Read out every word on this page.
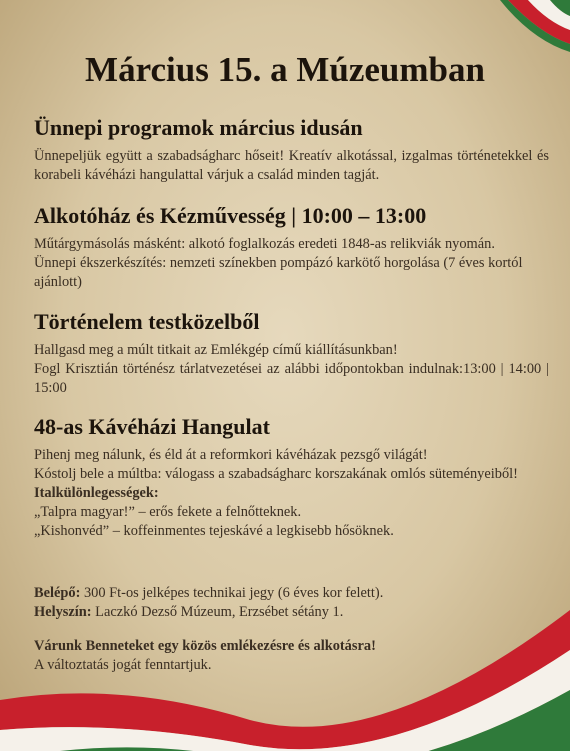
Március 15. a Múzeumban
Ünnepi programok március idusán

Ünnepeljük együtt a szabadságharc hőseit! Kreatív alkotással, izgalmas történetekkel és korabeli kávéházi hangulattal várjuk a család minden tagját.

Alkotóház és Kézművesség | 10:00 – 13:00

Műtárgymásolás másként: alkotó foglalkozás eredeti 1848-as relikviák nyomán.

Ünnepi ékszerkészítés: nemzeti színekben pompázó karkötő horgolása (7 éves kortól ajánlott)

Történelem testközelből

Hallgasd meg a múlt titkait az Emlékgép című kiállításunkban!

Fogl Krisztián történész tárlatvezetései az alábbi időpontokban indulnak:13:00 | 14:00 | 15:00

48-as Kávéházi Hangulat

Pihenj meg nálunk, és éld át a reformkori kávéházak pezsgő világát!

Kóstolj bele a múltba: válogass a szabadságharc korszakának omlós süteményeiből!

Italkülönlegességek:

„Talpra magyar!” – erős fekete a felnőtteknek.

„Kishonvéd” – koffeinmentes tejeskávé a legkisebb hősöknek.

Belépő: 300 Ft-os jelképes technikai jegy (6 éves kor felett).

Helyszín: Laczkó Dezső Múzeum, Erzsébet sétány 1.

Várunk Benneteket egy közös emlékezésre és alkotásra!

A változtatás jogát fenntartjuk.
